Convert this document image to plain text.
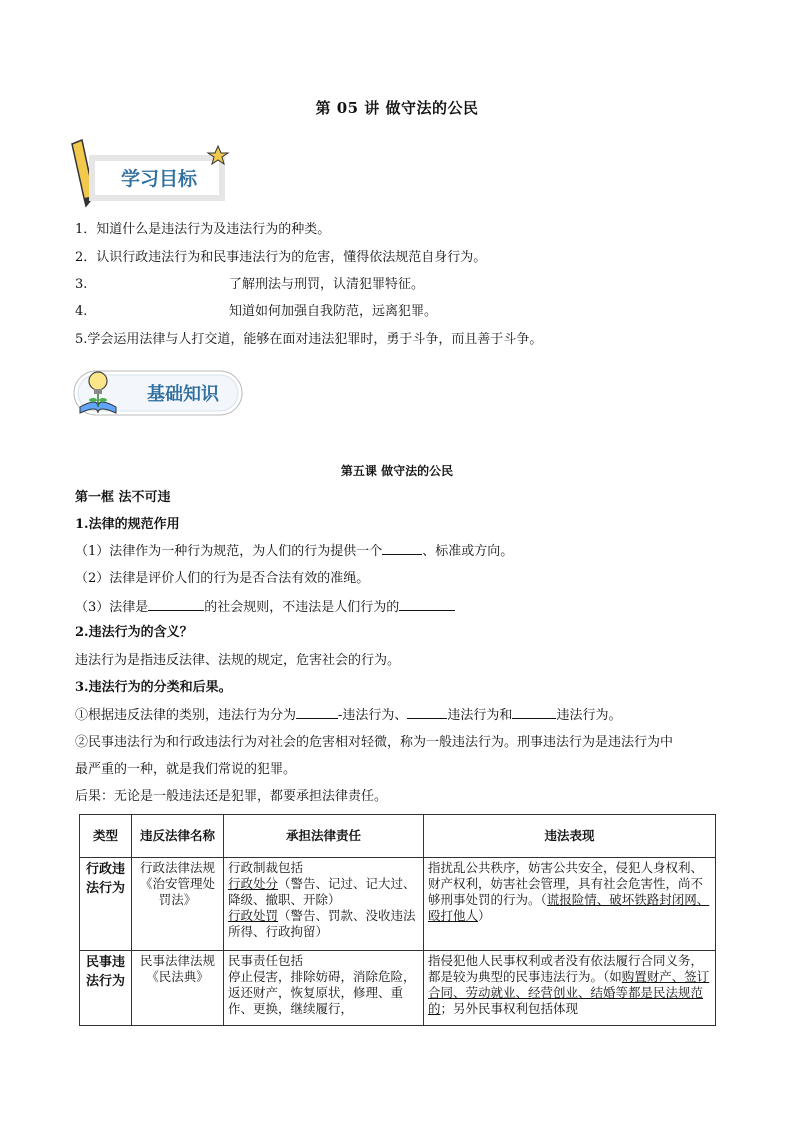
第 05 讲 做守法的公民
学习目标
1．知道什么是违法行为及违法行为的种类。
2．认识行政违法行为和民事违法行为的危害，懂得依法规范自身行为。
3.	了解刑法与刑罚，认清犯罪特征。
4.	知道如何加强自我防范，远离犯罪。
5.学会运用法律与人打交道，能够在面对违法犯罪时，勇于斗争，而且善于斗争。
基础知识
第五课 做守法的公民
第一框 法不可违
1.法律的规范作用
（1）法律作为一种行为规范，为人们的行为提供一个	、标准或方向。
（2）法律是评价人们的行为是否合法有效的准绳。
（3）法律是	的社会规则，不违法是人们行为的
2.违法行为的含义？
违法行为是指违反法律、法规的规定，危害社会的行为。
3.违法行为的分类和后果。
①根据违反法律的类别，违法行为分为	-违法行为、	违法行为和	违法行为。
②民事违法行为和行政违法行为对社会的危害相对轻微，称为一般违法行为。刑事违法行为是违法行为中
最严重的一种，就是我们常说的犯罪。
后果：无论是一般违法还是犯罪，都要承担法律责任。
类型	违反法律名称	承担法律责任	违法表现
行政违法行为	行政法律法规《治安管理处罚法》	行政制裁包括
行政处分（警告、记过、记大过、降级、撤职、开除）
行政处罚（警告、罚款、没收违法所得、行政拘留）	指扰乱公共秩序，妨害公共安全，侵犯人身权利、财产权利，妨害社会管理，具有社会危害性，尚不够刑事处罚的行为。（谎报险情、破坏铁路封闭网、殴打他人）

民事违法行为	民事法律法规《民法典》	民事责任包括
停止侵害，排除妨碍，消除危险，返还财产，恢复原状，修理、重作、更换，继续履行，	指侵犯他人民事权利或者没有依法履行合同义务，都是较为典型的民事违法行为。（如购置财产、签订合同、劳动就业、经营创业、结婚等都是民法规范的；另外民事权利包括体现
